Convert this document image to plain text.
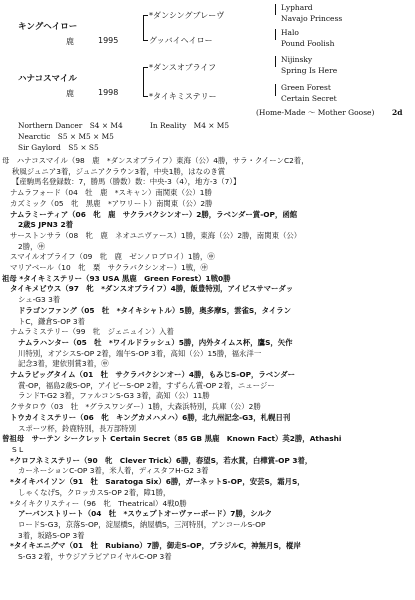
キングヘイロー
鹿	1995
ハナコスマイル
鹿	1998
*ダンシングブレーヴ
グッバイヘイロー
*ダンスオブライフ
*タイキミステリー
Lyphard
Navajo Princess
Halo
Pound Foolish
Nijinsky
Spring Is Here
Green Forest
Certain Secret
(Home-Made ～ Mother Goose) 2d
Northern Dancer　S4 × M4	In Reality　M4 × M5
Nearctic　S5 × M5 × M5
Sir Gaylord　S5 × S5
母　ハナコスマイル（98　鹿　*ダンスオブライフ）東海（公）4勝，サラ・クイーンC2着，
秋風ジュニア3着，ジュニアクラウン3着，中央1勝，はなのき賞
【産駒馬名登録数：7，勝馬（勝数）数：中央-3（4），地方-3（7）】
ナムラフォード（04　牡　鹿　*スキャン）南関東（公）1勝
カズミック（05　牝　黒鹿　*アワリート）南関東（公）2勝
ナムラミーティア（06　牝　鹿　サクラバクシンオー）2勝，ラベンダー賞-OP，函館
2歳S JPN3 2着
サーストンサラ（08　牝　鹿　ネオユニヴァース）1勝，東海（公）2勝，南関東（公）
2勝，㊥
スマイルオブライフ（09　牝　鹿　ゼンノロブロイ）1勝，㊥
マリアベール（10　牝　栗　サクラバクシンオー）1戦，㊥
祖母 *タイキミステリー（93 USA 黒鹿　Green Forest）1戦0勝
タイキメビウス（97　牝　*ダンスオブライフ）4勝，飯豊特別，アイビスサマーダッ
シュ-G3 3着
ドラゴンファング（05　牡　*タイキシャトル）5勝，奥多摩S，雲雀S，タイラン
トC，鎌倉S-OP 3着
ナムラミステリー（99　牝　ジェニュイン）入着
ナムラハンター（05　牡　*ワイルドラッシュ）5勝，内外タイムス杯，鷹S，矢作
川特別，オアシスS-OP 2着，端午S-OP 3着，高知（公）15勝，福永洋一
記念3着，建依別賞3着，㊥
ナムラビッグタイム（01　牡　サクラバクシンオー）4勝，もみじS-OP，ラベンダー
賞-OP，福島2歳S-OP，アイビーS-OP 2着，すずらん賞-OP 2着，ニュージー
ランドT-G2 3着，ファルコンS-G3 3着，高知（公）11勝
クサタロウ（03　牡　*グラスワンダー）1勝，大森浜特別，兵庫（公）2勝
トウカイミステリー（06　牝　キングカメハメハ）6勝，北九州記念-G3，札幌日刊
スポーツ杯，鈴鹿特別，長万部特別
曾祖母　サーテン シークレット Certain Secret（85 GB 黒鹿　Known Fact）英2勝，Athashi
S L
*クロフネミステリー（90　牝　Clever Trick）6勝，春望S，若水賞，白樺賞-OP 3着，
カーネーションC-OP 3着，米人着，ディスタフH-G2 3着
*タイキバイソン（91　牡　Saratoga Six）6勝，ガーネットS-OP，安芸S，霜月S，
しゃくなげS，クロッカスS-OP 2着，障1勝，
*タイキクリスティー（96　牝　Theatrical）4戦0勝
アーバンストリート（04　牡　*スウェプトオーヴァーボード）7勝，シルク
ロードS-G3，京落S-OP，淀屋橋S，納屋橋S，三河特別，アンコールS-OP
3着，坂路S-OP 3着
*タイキエニグマ（01　牡　Rubiano）7勝，御走S-OP，ブラジルC，神無月S，樅岸
S-G3 2着，サウジアラビアロイヤルC-OP 3着
